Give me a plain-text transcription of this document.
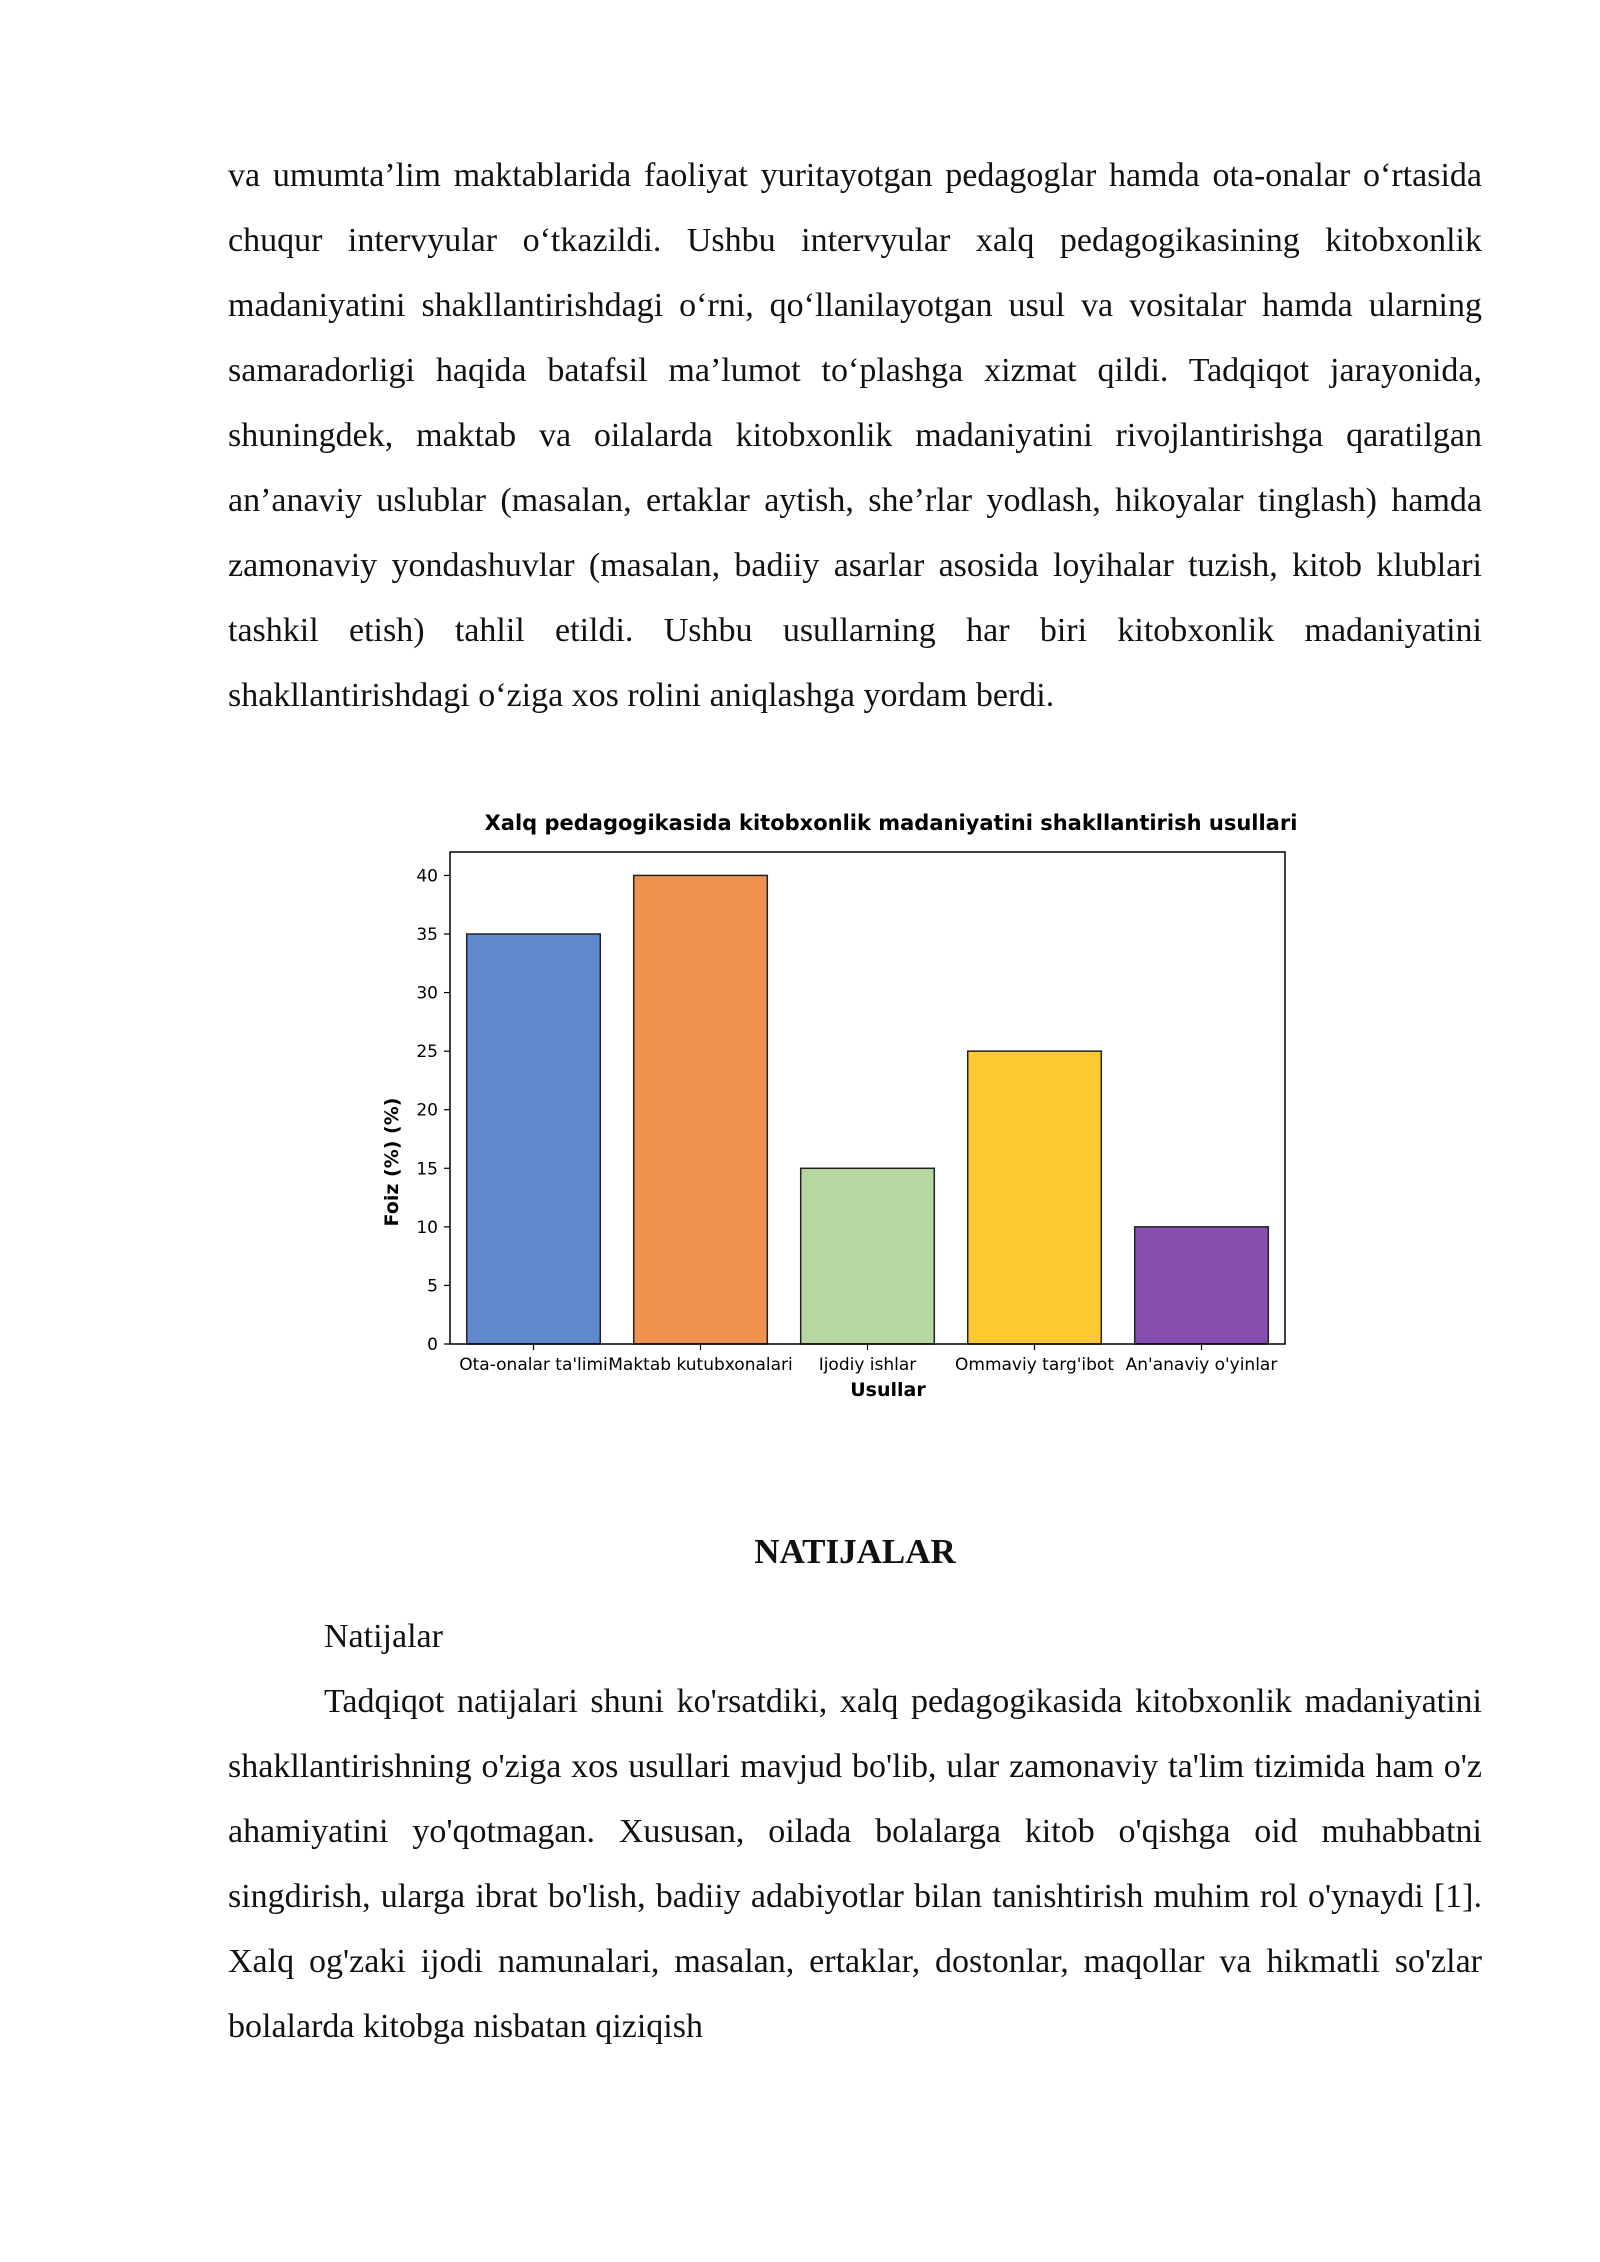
va umumta’lim maktablarida faoliyat yuritayotgan pedagoglar hamda ota-onalar o‘rtasida chuqur intervyular o‘tkazildi. Ushbu intervyular xalq pedagogikasining kitobxonlik madaniyatini shakllantirishdagi o‘rni, qo‘llanilayotgan usul va vositalar hamda ularning samaradorligi haqida batafsil ma’lumot to‘plashga xizmat qildi. Tadqiqot jarayonida, shuningdek, maktab va oilalarda kitobxonlik madaniyatini rivojlantirishga qaratilgan an’anaviy uslublar (masalan, ertaklar aytish, she’rlar yodlash, hikoyalar tinglash) hamda zamonaviy yondashuvlar (masalan, badiiy asarlar asosida loyihalar tuzish, kitob klublari tashkil etish) tahlil etildi. Ushbu usullarning har biri kitobxonlik madaniyatini shakllantirishdagi o‘ziga xos rolini aniqlashga yordam berdi.

Xalq pedagogikasida kitobxonlik madaniyatini shakllantirish usullari
0
5
10
15
20
25
30
35
40
Ota-onalar ta'limi Maktab kutubxonalari Ijodiy ishlar Ommaviy targ'ibot An'anaviy o'yinlar
Usullar
Foiz (%) (%)

NATIJALAR

Natijalar

Tadqiqot natijalari shuni ko'rsatdiki, xalq pedagogikasida kitobxonlik madaniyatini shakllantirishning o'ziga xos usullari mavjud bo'lib, ular zamonaviy ta'lim tizimida ham o'z ahamiyatini yo'qotmagan. Xususan, oilada bolalarga kitob o'qishga oid muhabbatni singdirish, ularga ibrat bo'lish, badiiy adabiyotlar bilan tanishtirish muhim rol o'ynaydi [1]. Xalq og'zaki ijodi namunalari, masalan, ertaklar, dostonlar, maqollar va hikmatli so'zlar bolalarda kitobga nisbatan qiziqish
